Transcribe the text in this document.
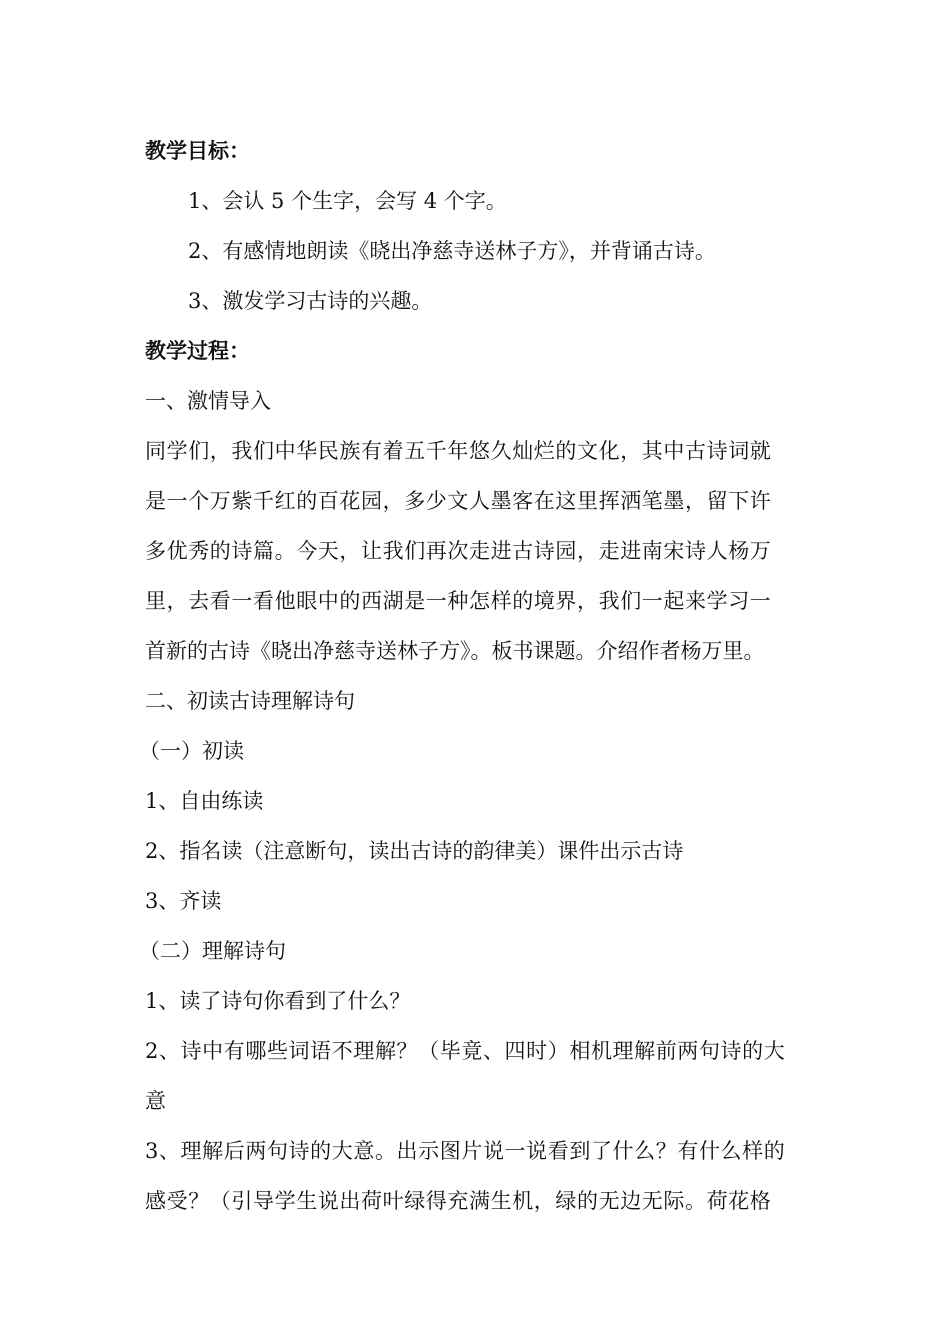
教学目标：

1、会认 5 个生字，会写 4 个字。

2、有感情地朗读《晓出净慈寺送林子方》，并背诵古诗。

3、激发学习古诗的兴趣。

教学过程：

一、激情导入

同学们，我们中华民族有着五千年悠久灿烂的文化，其中古诗词就

是一个万紫千红的百花园，多少文人墨客在这里挥洒笔墨，留下许

多优秀的诗篇。今天，让我们再次走进古诗园，走进南宋诗人杨万

里，去看一看他眼中的西湖是一种怎样的境界，我们一起来学习一

首新的古诗《晓出净慈寺送林子方》。板书课题。介绍作者杨万里。

二、初读古诗理解诗句

（一）初读

1、自由练读

2、指名读（注意断句，读出古诗的韵律美）课件出示古诗

3、齐读

（二）理解诗句

1、读了诗句你看到了什么？

2、诗中有哪些词语不理解？（毕竟、四时）相机理解前两句诗的大

意

3、理解后两句诗的大意。出示图片说一说看到了什么？有什么样的

感受？（引导学生说出荷叶绿得充满生机，绿的无边无际。荷花格
